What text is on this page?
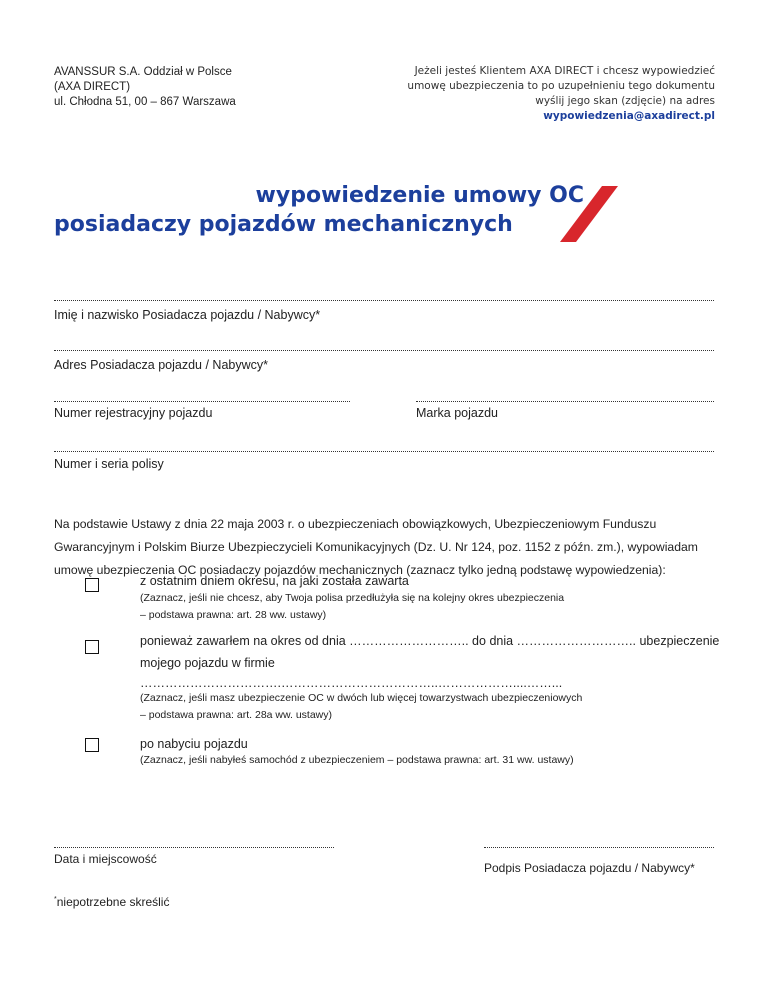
AVANSSUR S.A. Oddział w Polsce
(AXA DIRECT)
ul. Chłodna 51, 00 – 867 Warszawa
Jeżeli jesteś Klientem AXA DIRECT i chcesz wypowiedzieć
umowę ubezpieczenia to po uzupełnieniu tego dokumentu
wyślij jego skan (zdjęcie) na adres
wypowiedzenia@axadirect.pl
wypowiedzenie umowy OC
posiadaczy pojazdów mechanicznych
Imię i nazwisko Posiadacza pojazdu / Nabywcy*
Adres Posiadacza pojazdu / Nabywcy*
Numer rejestracyjny pojazdu	Marka pojazdu
Numer i seria polisy
Na podstawie Ustawy z dnia 22 maja 2003 r. o ubezpieczeniach obowiązkowych, Ubezpieczeniowym Funduszu
Gwarancyjnym i Polskim Biurze Ubezpieczycieli Komunikacyjnych (Dz. U. Nr 124, poz. 1152 z późn. zm.), wypowiadam
umowę ubezpieczenia OC posiadaczy pojazdów mechanicznych (zaznacz tylko jedną podstawę wypowiedzenia):
z ostatnim dniem okresu, na jaki została zawarta
(Zaznacz, jeśli nie chcesz, aby Twoja polisa przedłużyła się na kolejny okres ubezpieczenia
– podstawa prawna: art. 28 ww. ustawy)
ponieważ zawarłem na okres od dnia ……………………….. do dnia ……………………….. ubezpieczenie
mojego pojazdu w firmie
…………………………….………………………………..………………....……...
(Zaznacz, jeśli masz ubezpieczenie OC w dwóch lub więcej towarzystwach ubezpieczeniowych
– podstawa prawna: art. 28a ww. ustawy)
po nabyciu pojazdu
(Zaznacz, jeśli nabyłeś samochód z ubezpieczeniem – podstawa prawna: art. 31 ww. ustawy)
Data i miejscowość
Podpis Posiadacza pojazdu / Nabywcy*
*niepotrzebne skreślić
